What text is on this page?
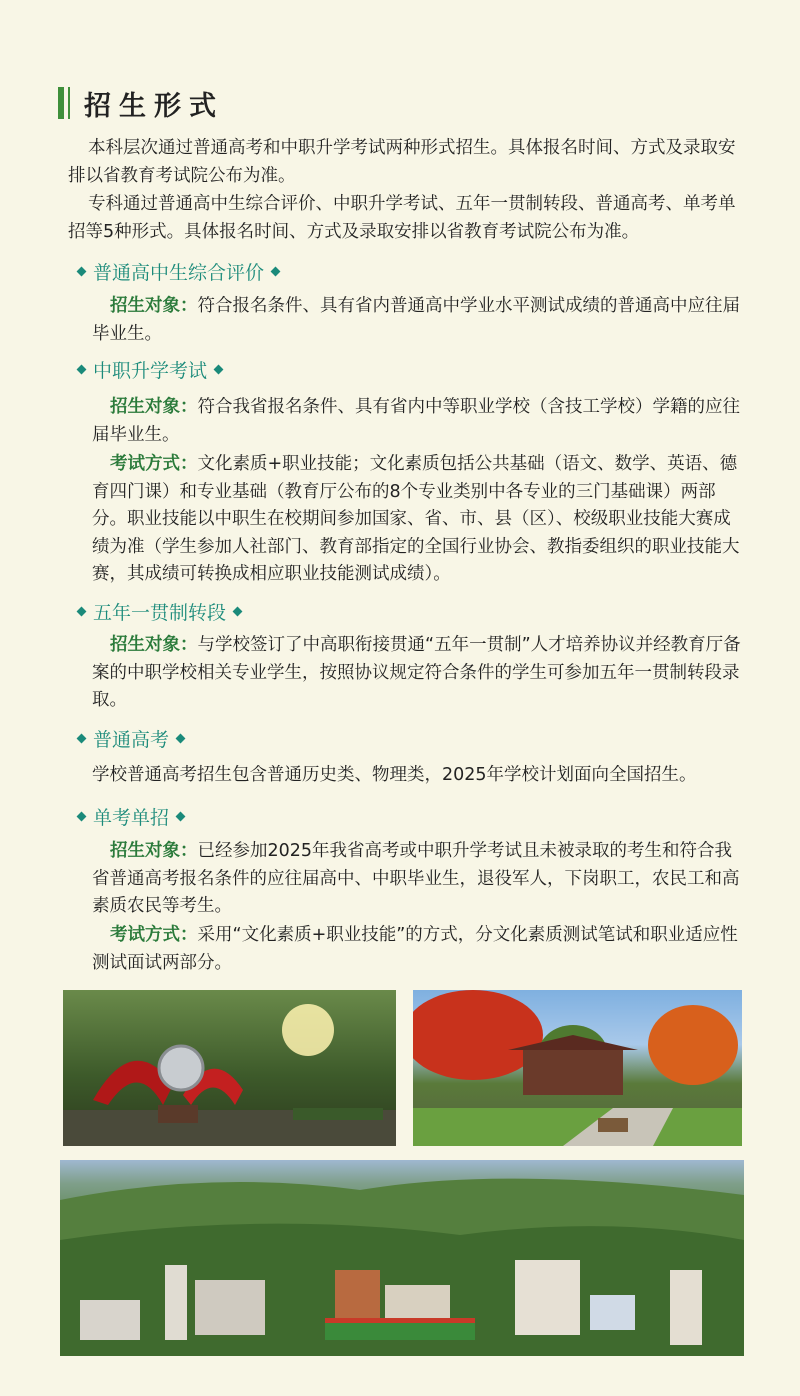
招生形式
本科层次通过普通高考和中职升学考试两种形式招生。具体报名时间、方式及录取安排以省教育考试院公布为准。
专科通过普通高中生综合评价、中职升学考试、五年一贯制转段、普通高考、单考单招等5种形式。具体报名时间、方式及录取安排以省教育考试院公布为准。
普通高中生综合评价
招生对象：符合报名条件、具有省内普通高中学业水平测试成绩的普通高中应往届毕业生。
中职升学考试
招生对象：符合我省报名条件、具有省内中等职业学校（含技工学校）学籍的应往届毕业生。
考试方式：文化素质+职业技能；文化素质包括公共基础（语文、数学、英语、德育四门课）和专业基础（教育厅公布的8个专业类别中各专业的三门基础课）两部分。职业技能以中职生在校期间参加国家、省、市、县（区）、校级职业技能大赛成绩为准（学生参加人社部门、教育部指定的全国行业协会、教指委组织的职业技能大赛，其成绩可转换成相应职业技能测试成绩）。
五年一贯制转段
招生对象：与学校签订了中高职衔接贯通“五年一贯制”人才培养协议并经教育厅备案的中职学校相关专业学生，按照协议规定符合条件的学生可参加五年一贯制转段录取。
普通高考
学校普通高考招生包含普通历史类、物理类，2025年学校计划面向全国招生。
单考单招
招生对象：已经参加2025年我省高考或中职升学考试且未被录取的考生和符合我省普通高考报名条件的应往届高中、中职毕业生，退役军人，下岗职工，农民工和高素质农民等考生。
考试方式：采用“文化素质+职业技能”的方式，分文化素质测试笔试和职业适应性测试面试两部分。
